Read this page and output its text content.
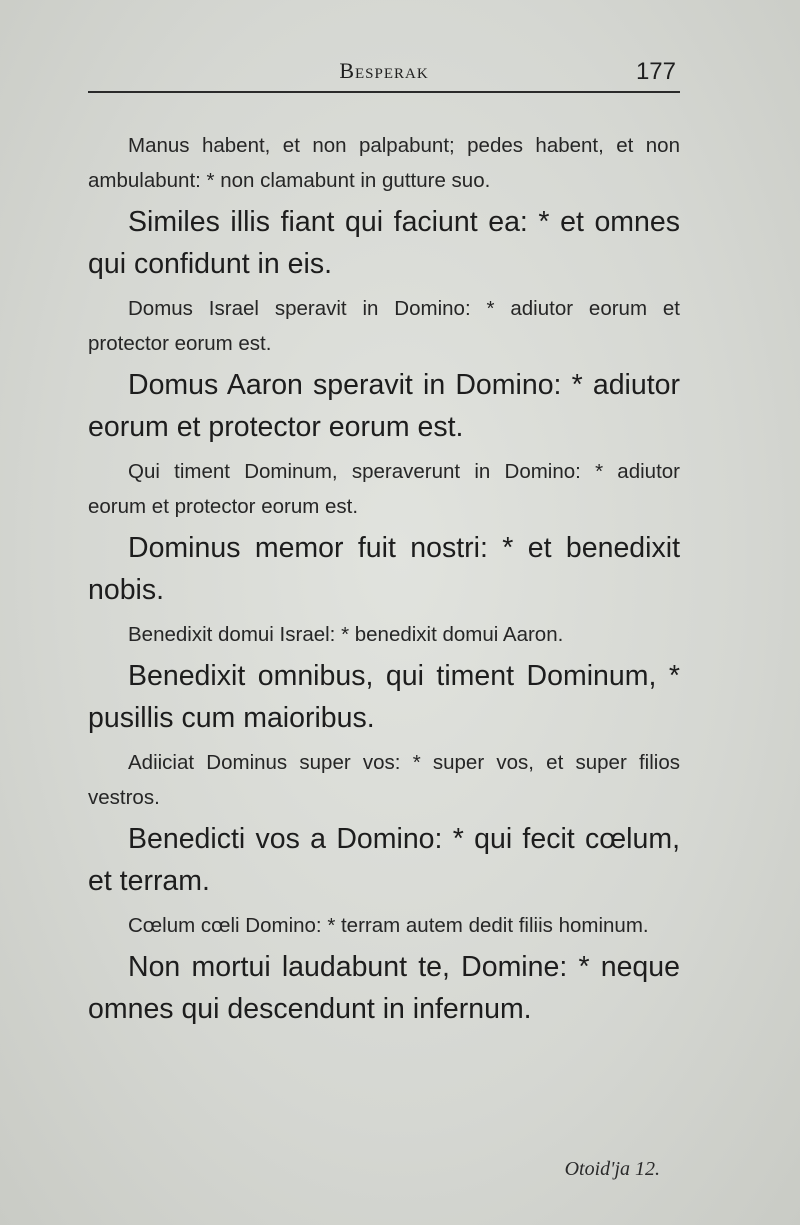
Besperak	177

Manus habent, et non palpabunt; pedes habent, et non ambulabunt: * non clamabunt in gutture suo.

Similes illis fiant qui faciunt ea: * et omnes qui confidunt in eis.

Domus Israel speravit in Domino: * adiutor eorum et protector eorum est.

Domus Aaron speravit in Domino: * adiutor eorum et protector eorum est.

Qui timent Dominum, speraverunt in Domino: * adiutor eorum et protector eorum est.

Dominus memor fuit nostri: * et benedixit nobis.

Benedixit domui Israel: * benedixit domui Aaron.

Benedixit omnibus, qui timent Dominum, * pusillis cum maioribus.

Adiiciat Dominus super vos: * super vos, et super filios vestros.

Benedicti vos a Domino: * qui fecit cœlum, et terram.

Cœlum cœli Domino: * terram autem dedit filiis hominum.

Non mortui laudabunt te, Domine: * neque omnes qui descendunt in infernum.

Otoid'ja 12.
